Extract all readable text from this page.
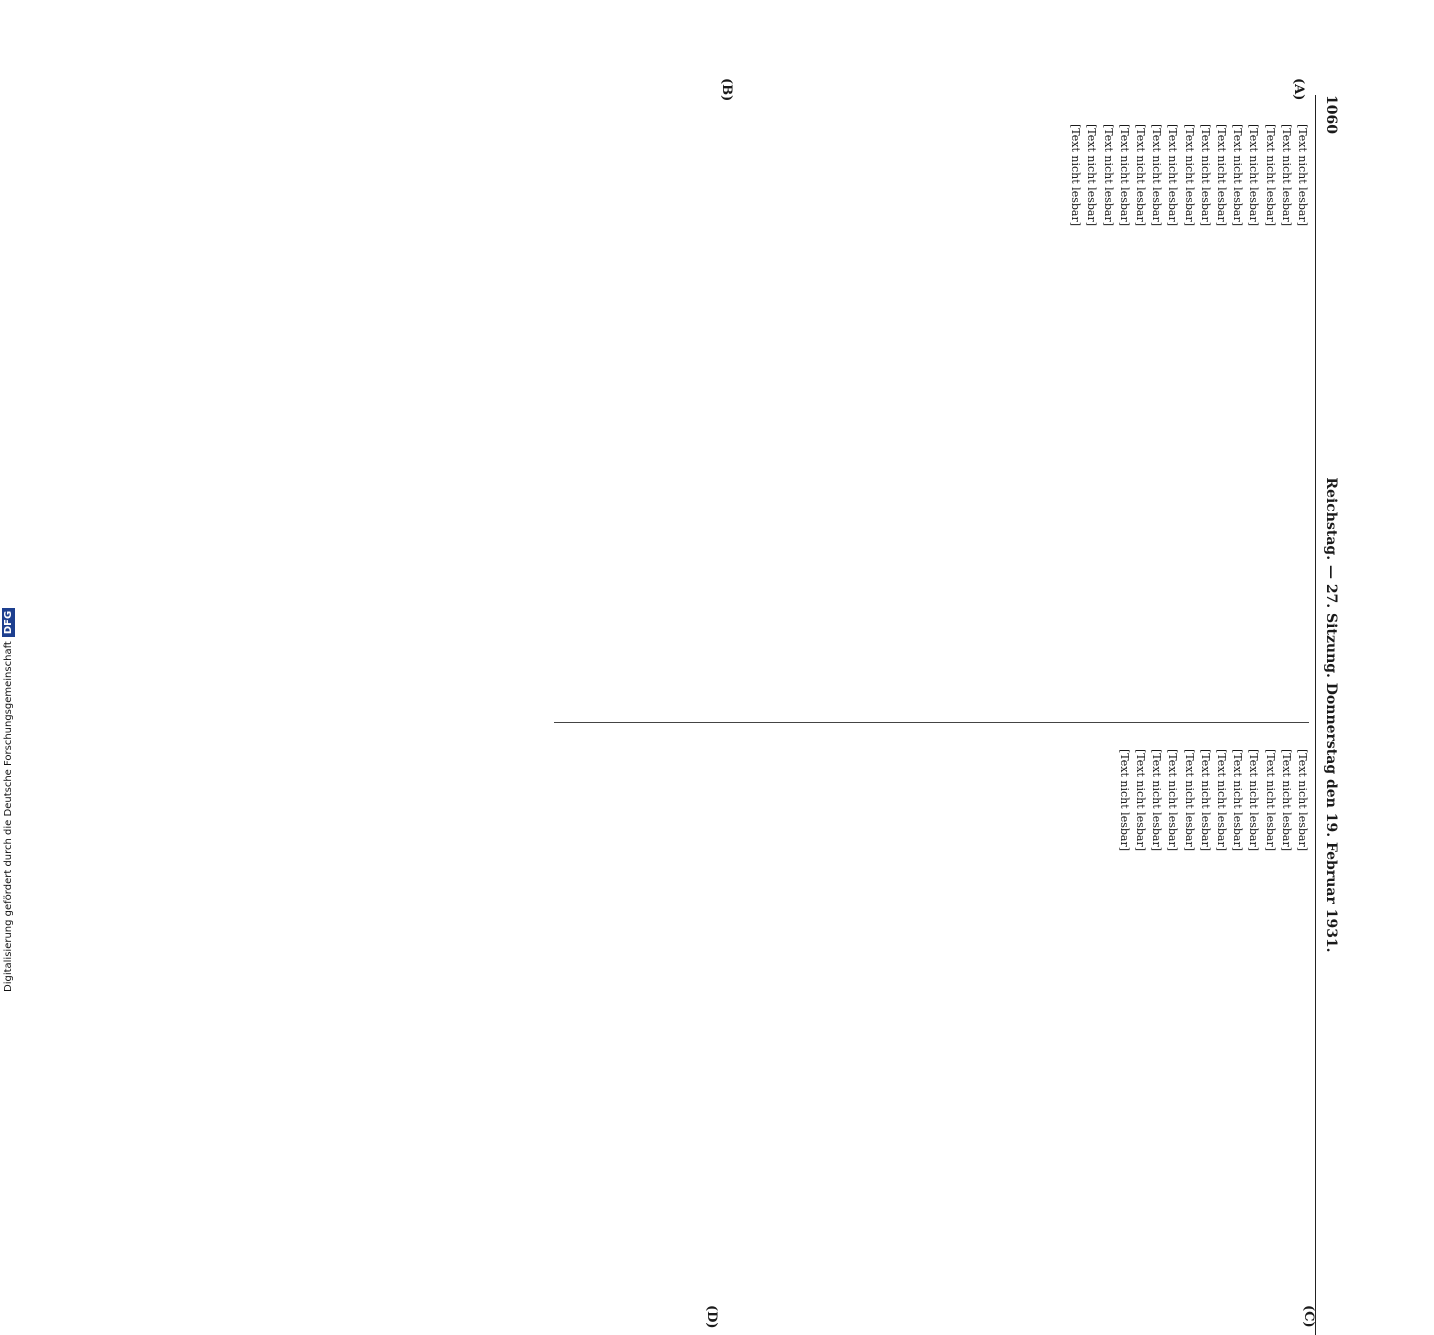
1060
Reichstag. — 27. Sitzung. Donnerstag den 19. Februar 1931.
(A)
(B)
(C)
(D)

[Text nicht lesbar]

[Text nicht lesbar]

[Text nicht lesbar]

[Text nicht lesbar]

[Text nicht lesbar]

[Text nicht lesbar]

[Text nicht lesbar]

[Text nicht lesbar]

[Text nicht lesbar]

[Text nicht lesbar]

[Text nicht lesbar]

[Text nicht lesbar]

[Text nicht lesbar]

[Text nicht lesbar]

[Text nicht lesbar]

[Text nicht lesbar]

[Text nicht lesbar]

[Text nicht lesbar]

[Text nicht lesbar]

[Text nicht lesbar]

[Text nicht lesbar]

[Text nicht lesbar]

[Text nicht lesbar]

[Text nicht lesbar]

[Text nicht lesbar]

[Text nicht lesbar]

[Text nicht lesbar]

Digitalisierung gefördert durch die Deutsche ForschungsgemeinschaftDFG
